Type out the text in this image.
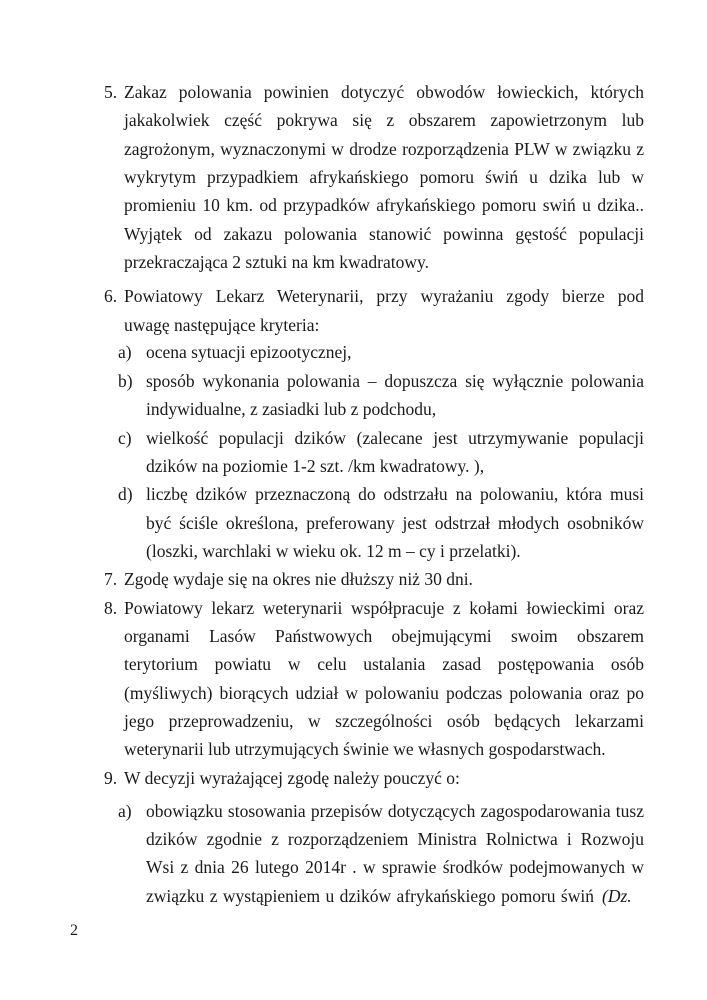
5. Zakaz polowania powinien dotyczyć obwodów łowieckich, których
jakakolwiek część pokrywa się z obszarem zapowietrzonym lub
zagrożonym, wyznaczonymi w drodze rozporządzenia PLW w związku z
wykrytym przypadkiem afrykańskiego pomoru świń u dzika lub w
promieniu 10 km. od przypadków afrykańskiego pomoru swiń u dzika..
Wyjątek od zakazu polowania stanowić powinna gęstość populacji
przekraczająca 2 sztuki na km kwadratowy.
6. Powiatowy Lekarz Weterynarii, przy wyrażaniu zgody bierze pod
uwagę następujące kryteria:
a) ocena sytuacji epizootycznej,
b) sposób wykonania polowania – dopuszcza się wyłącznie polowania
indywidualne, z zasiadki lub z podchodu,
c) wielkość populacji dzików (zalecane jest utrzymywanie populacji
dzików na poziomie 1-2 szt. /km kwadratowy. ),
d) liczbę dzików przeznaczoną do odstrzału na polowaniu, która musi
być ściśle określona, preferowany jest odstrzał młodych osobników
(loszki, warchlaki w wieku ok. 12 m – cy i przelatki).
7. Zgodę wydaje się na okres nie dłuższy niż 30 dni.
8. Powiatowy lekarz weterynarii współpracuje z kołami łowieckimi oraz
organami Lasów Państwowych obejmującymi swoim obszarem
terytorium powiatu w celu ustalania zasad postępowania osób
(myśliwych) biorących udział w polowaniu podczas polowania oraz po
jego przeprowadzeniu, w szczególności osób będących lekarzami
weterynarii lub utrzymujących świnie we własnych gospodarstwach.
9. W decyzji wyrażającej zgodę należy pouczyć o:
a) obowiązku stosowania przepisów dotyczących zagospodarowania tusz
dzików zgodnie z rozporządzeniem Ministra Rolnictwa i Rozwoju
Wsi z dnia 26 lutego 2014r . w sprawie środków podejmowanych w
związku z wystąpieniem u dzików afrykańskiego pomoru świń (Dz.
2
